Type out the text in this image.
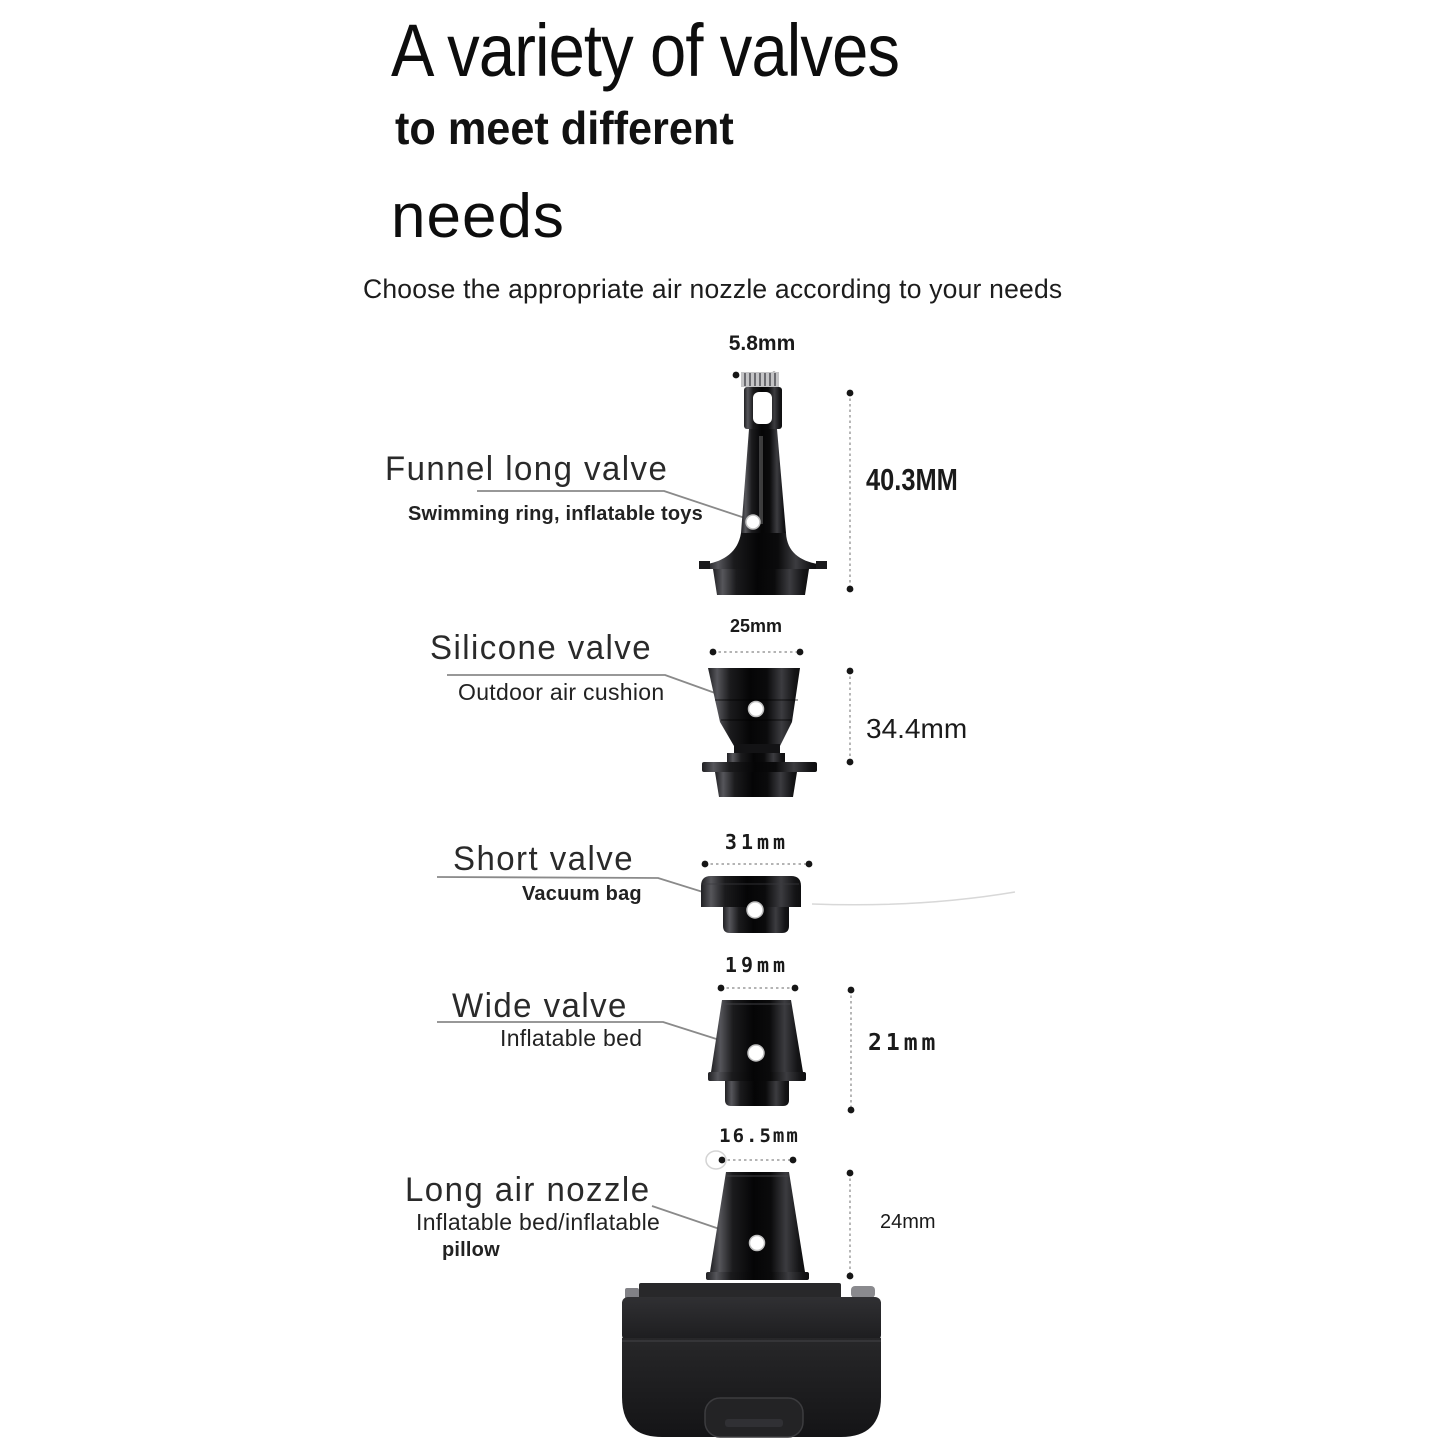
A variety of valves
to meet different
needs
Choose the appropriate air nozzle according to your needs
5.8mm
Funnel long valve
Swimming ring, inflatable toys
40.3MM
25mm
Silicone valve
Outdoor air cushion
34.4mm
31mm
Short valve
Vacuum bag
19mm
Wide valve
Inflatable bed	21mm
16.5mm
Long air nozzle
Inflatable bed/inflatable
pillow
24mm
